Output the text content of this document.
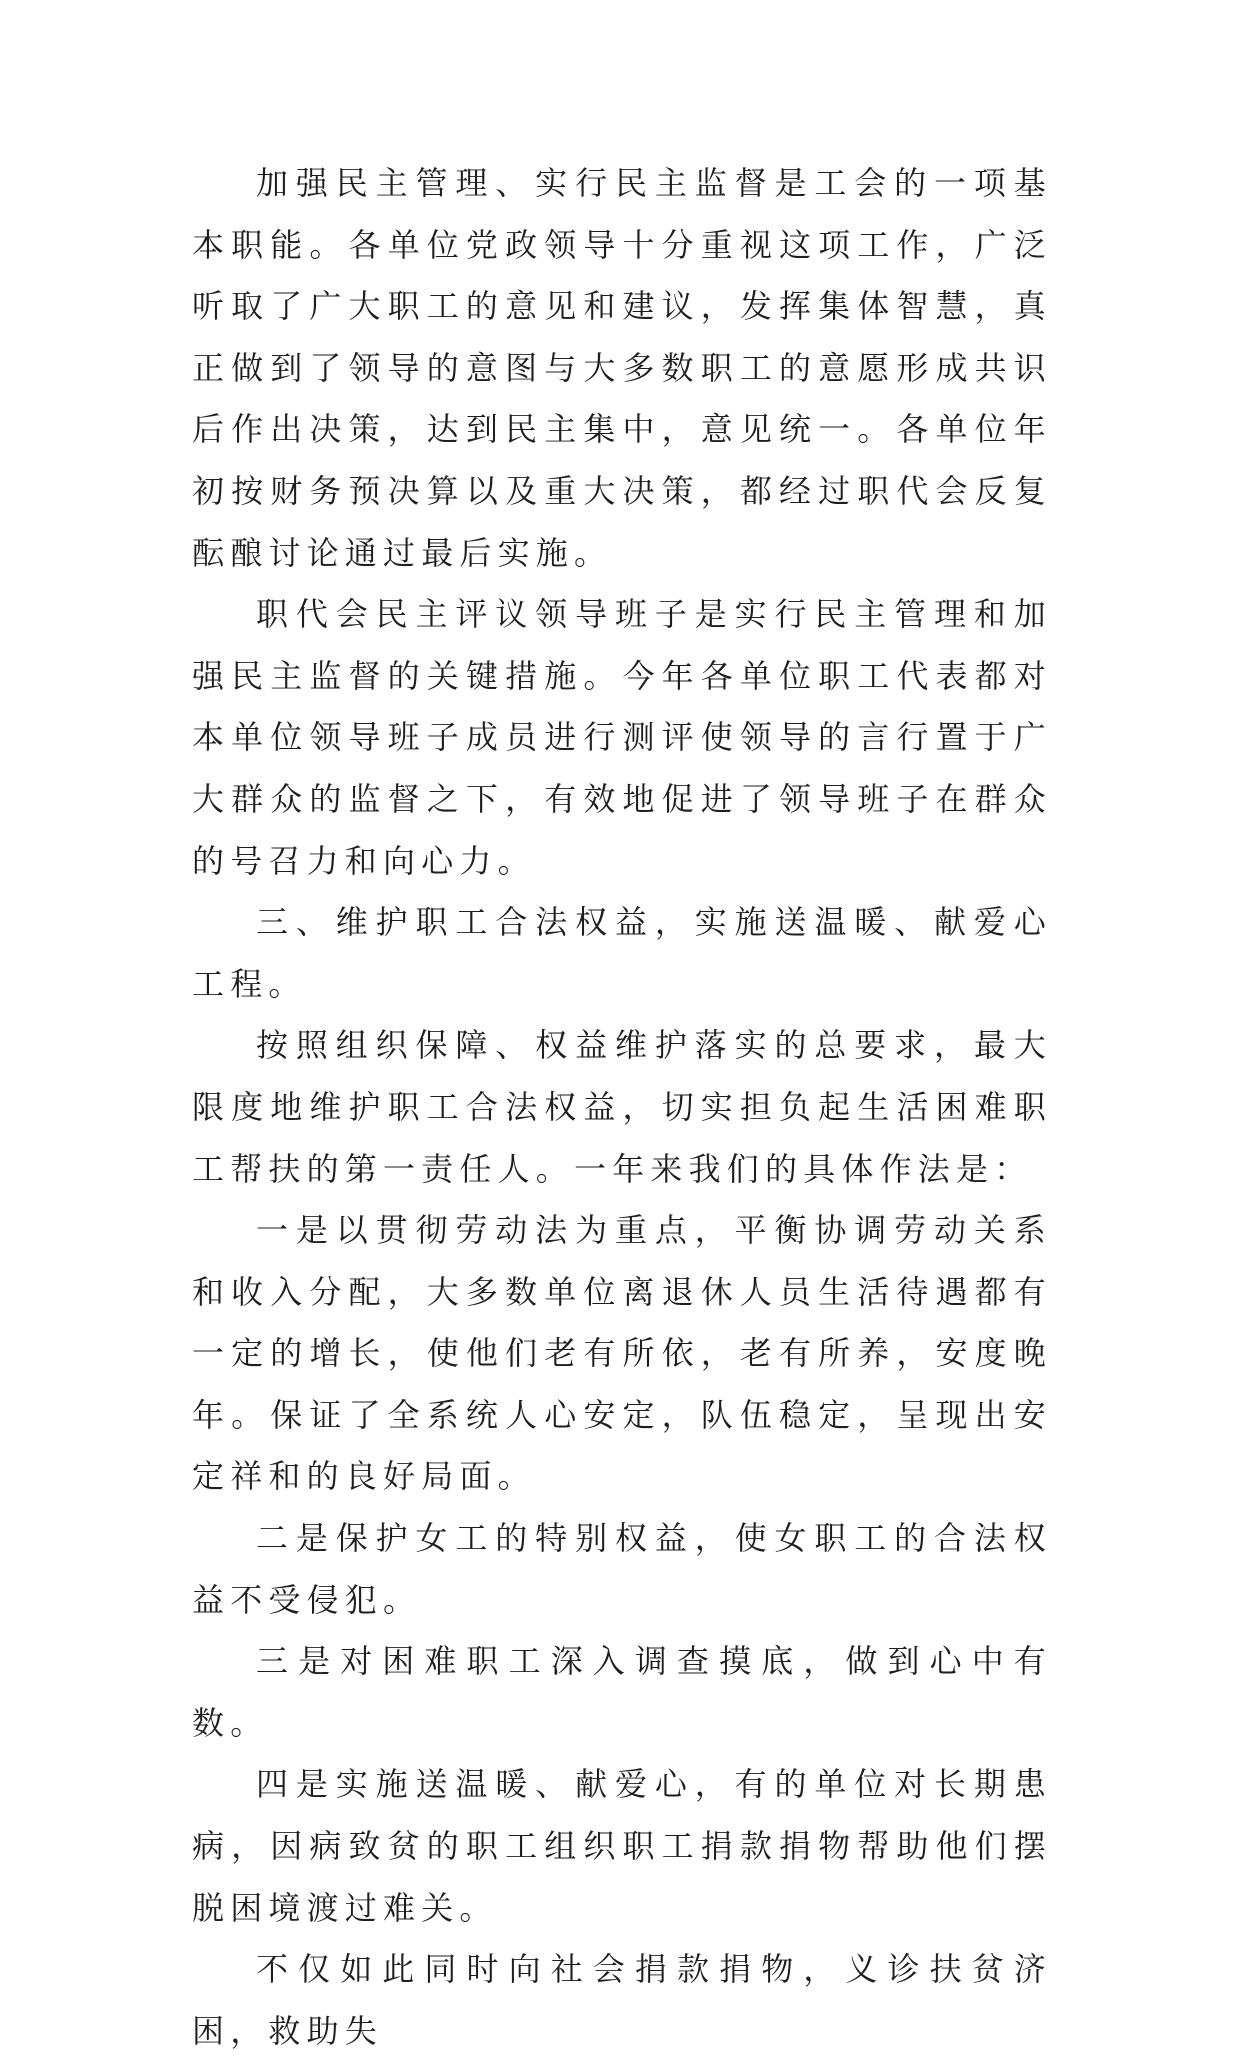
加强民主管理、实行民主监督是工会的一项基本职能。各单位党政领导十分重视这项工作，广泛听取了广大职工的意见和建议，发挥集体智慧，真正做到了领导的意图与大多数职工的意愿形成共识后作出决策，达到民主集中，意见统一。各单位年初按财务预决算以及重大决策，都经过职代会反复酝酿讨论通过最后实施。

职代会民主评议领导班子是实行民主管理和加强民主监督的关键措施。今年各单位职工代表都对本单位领导班子成员进行测评使领导的言行置于广大群众的监督之下，有效地促进了领导班子在群众的号召力和向心力。

三、维护职工合法权益，实施送温暖、献爱心工程。

按照组织保障、权益维护落实的总要求，最大限度地维护职工合法权益，切实担负起生活困难职工帮扶的第一责任人。一年来我们的具体作法是：

一是以贯彻劳动法为重点，平衡协调劳动关系和收入分配，大多数单位离退休人员生活待遇都有一定的增长，使他们老有所依，老有所养，安度晚年。保证了全系统人心安定，队伍稳定，呈现出安定祥和的良好局面。

二是保护女工的特别权益，使女职工的合法权益不受侵犯。

三是对困难职工深入调查摸底，做到心中有数。

四是实施送温暖、献爱心，有的单位对长期患病，因病致贫的职工组织职工捐款捐物帮助他们摆脱困境渡过难关。

不仅如此同时向社会捐款捐物，义诊扶贫济困，救助失
